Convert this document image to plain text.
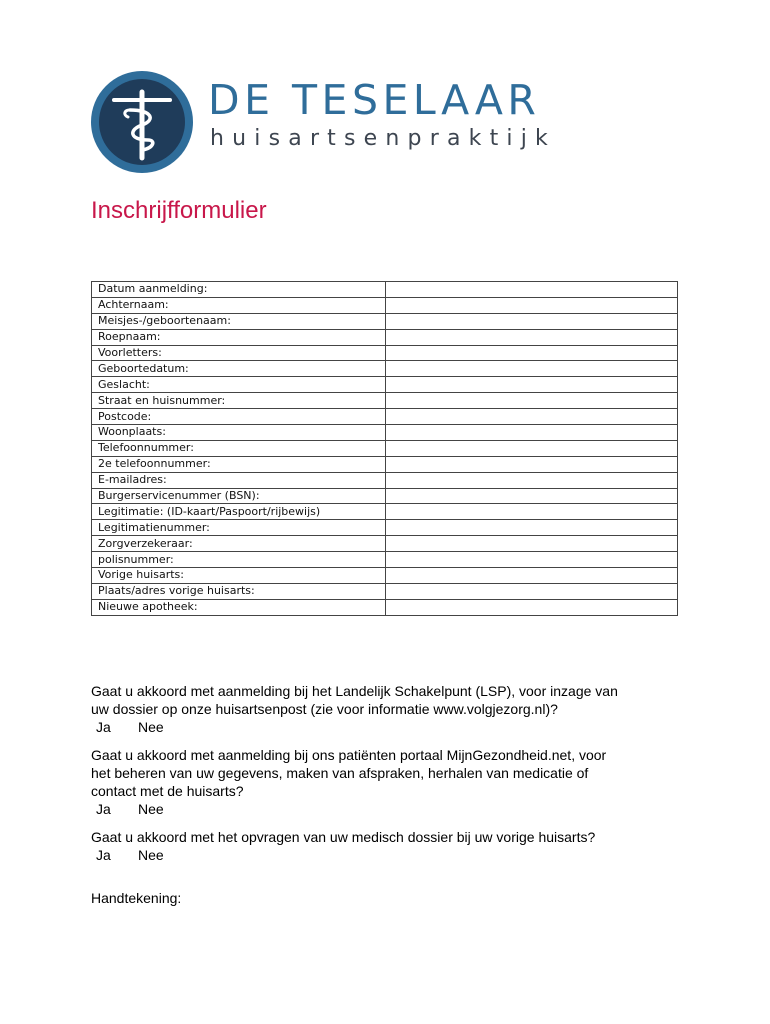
DE TESELAAR
huisartsenpraktijk
Inschrijfformulier
Datum aanmelding:	
Achternaam:	
Meisjes-/geboortenaam:	
Roepnaam:	
Voorletters:	
Geboortedatum:	
Geslacht:	
Straat en huisnummer:	
Postcode:	
Woonplaats:	
Telefoonnummer:	
2e telefoonnummer:	
E-mailadres:	
Burgerservicenummer (BSN):	
Legitimatie: (ID-kaart/Paspoort/rijbewijs)	
Legitimatienummer:	
Zorgverzekeraar:	
polisnummer:	
Vorige huisarts:	
Plaats/adres vorige huisarts:	
Nieuwe apotheek:	

Gaat u akkoord met aanmelding bij het Landelijk Schakelpunt (LSP), voor inzage van
uw dossier op onze huisartsenpost (zie voor informatie www.volgjezorg.nl)?

Ja Nee

Gaat u akkoord met aanmelding bij ons patiënten portaal MijnGezondheid.net, voor
het beheren van uw gegevens, maken van afspraken, herhalen van medicatie of
contact met de huisarts?

Ja Nee

Gaat u akkoord met het opvragen van uw medisch dossier bij uw vorige huisarts?

Ja Nee

Handtekening:
